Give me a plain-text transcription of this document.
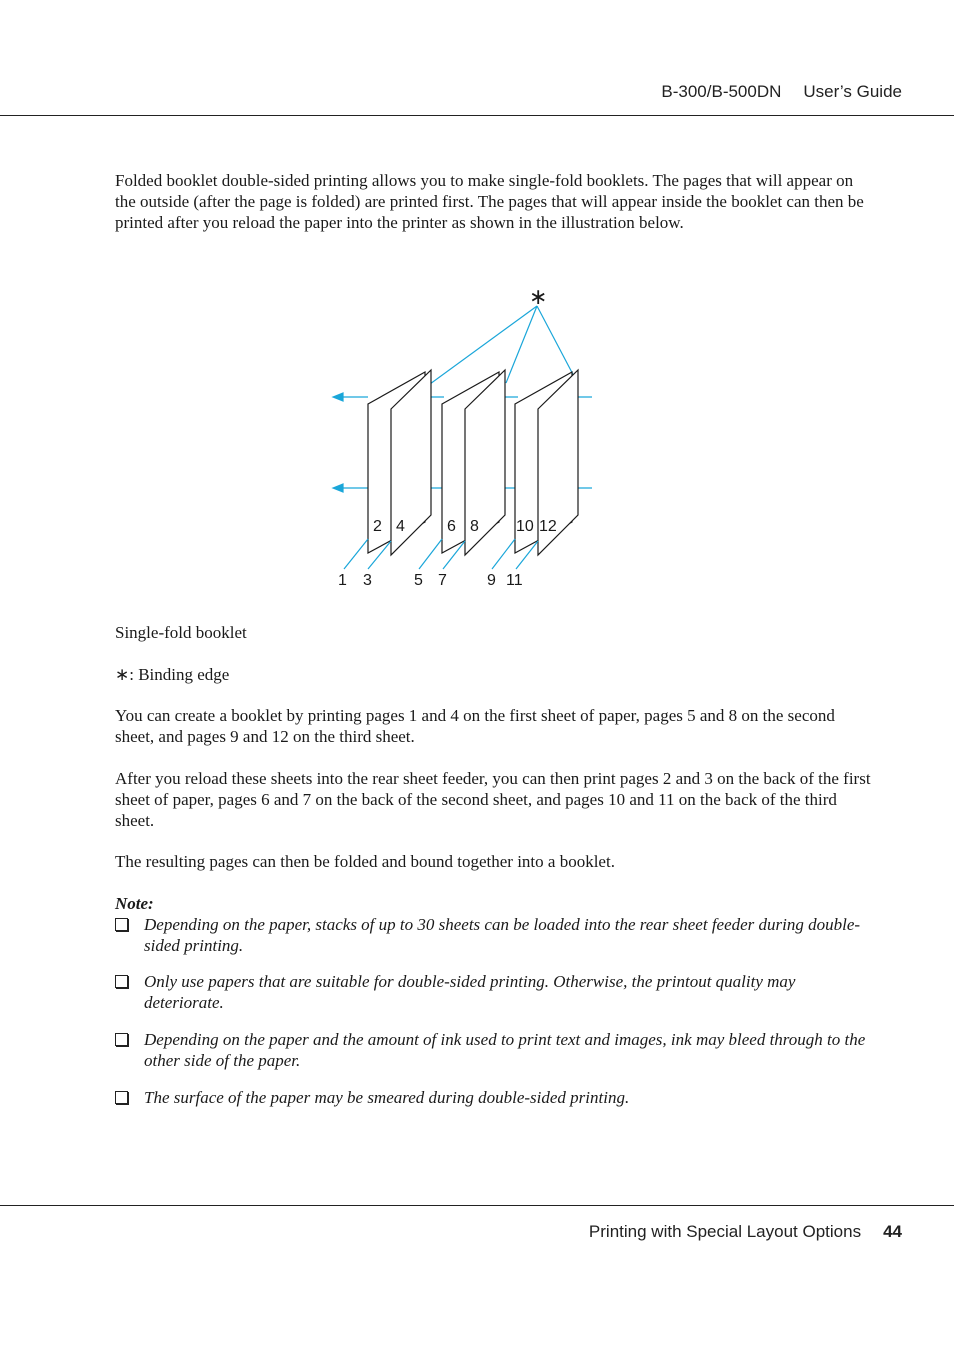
B-300/B-500DN User’s Guide

Folded booklet double-sided printing allows you to make single-fold booklets. The pages that will appear on the outside (after the page is folded) are printed first. The pages that will appear inside the booklet can then be printed after you reload the paper into the printer as shown in the illustration below.

∗
2 4	6 8 10 12
1 3	5 7	9 11

Single-fold booklet

∗: Binding edge

You can create a booklet by printing pages 1 and 4 on the first sheet of paper, pages 5 and 8 on the second sheet, and pages 9 and 12 on the third sheet.

After you reload these sheets into the rear sheet feeder, you can then print pages 2 and 3 on the back of the first sheet of paper, pages 6 and 7 on the back of the second sheet, and pages 10 and 11 on the back of the third sheet.

The resulting pages can then be folded and bound together into a booklet.

Note:

Depending on the paper, stacks of up to 30 sheets can be loaded into the rear sheet feeder during double-sided printing.
Only use papers that are suitable for double-sided printing. Otherwise, the printout quality may deteriorate.
Depending on the paper and the amount of ink used to print text and images, ink may bleed through to the other side of the paper.
The surface of the paper may be smeared during double-sided printing.
Printing with Special Layout Options 44
